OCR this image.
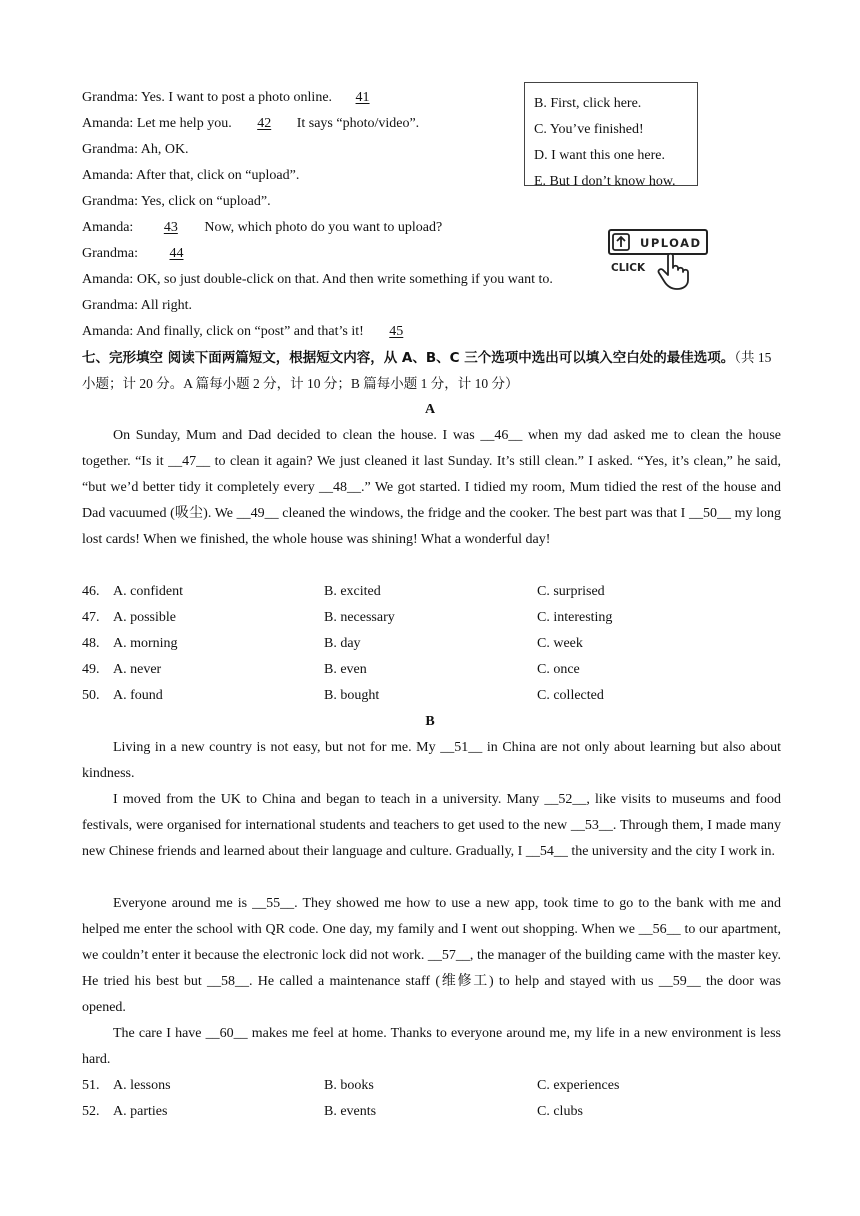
Grandma: Yes. I want to post a photo online. 41
Amanda: Let me help you. 42 It says “photo/video”.
Grandma: Ah, OK.
Amanda: After that, click on “upload”.
Grandma: Yes, click on “upload”.
Amanda: 43 Now, which photo do you want to upload?
Grandma: 44
Amanda: OK, so just double-click on that. And then write something if you want to.
Grandma: All right.
Amanda: And finally, click on “post” and that’s it! 45
B. First, click here.
C. You’ve finished!
D. I want this one here.
E. But I don’t know how.
UPLOAD
CLICK
七、完形填空 阅读下面两篇短文，根据短文内容，从 A、B、C 三个选项中选出可以填入空白处的最佳选项。（共 15 小题；计 20 分。A 篇每小题 2 分，计 10 分；B 篇每小题 1 分，计 10 分）
A
On Sunday, Mum and Dad decided to clean the house. I was __46__ when my dad asked me to clean the house together. “Is it __47__ to clean it again? We just cleaned it last Sunday. It’s still clean.” I asked. “Yes, it’s clean,” he said, “but we’d better tidy it completely every __48__.” We got started. I tidied my room, Mum tidied the rest of the house and Dad vacuumed (吸尘). We __49__ cleaned the windows, the fridge and the cooker. The best part was that I __50__ my long lost cards! When we finished, the whole house was shining! What a wonderful day!
46. A. confident	B. excited	C. surprised
47. A. possible	B. necessary	C. interesting
48. A. morning	B. day	C. week
49. A. never	B. even	C. once
50. A. found	B. bought	C. collected
B
Living in a new country is not easy, but not for me. My __51__ in China are not only about learning but also about kindness.
I moved from the UK to China and began to teach in a university. Many __52__, like visits to museums and food festivals, were organised for international students and teachers to get used to the new __53__. Through them, I made many new Chinese friends and learned about their language and culture. Gradually, I __54__ the university and the city I work in.
Everyone around me is __55__. They showed me how to use a new app, took time to go to the bank with me and helped me enter the school with QR code. One day, my family and I went out shopping. When we __56__ to our apartment, we couldn’t enter it because the electronic lock did not work. __57__, the manager of the building came with the master key. He tried his best but __58__. He called a maintenance staff (维修工) to help and stayed with us __59__ the door was opened.
The care I have __60__ makes me feel at home. Thanks to everyone around me, my life in a new environment is less hard.
51. A. lessons	B. books	C. experiences
52. A. parties	B. events	C. clubs
